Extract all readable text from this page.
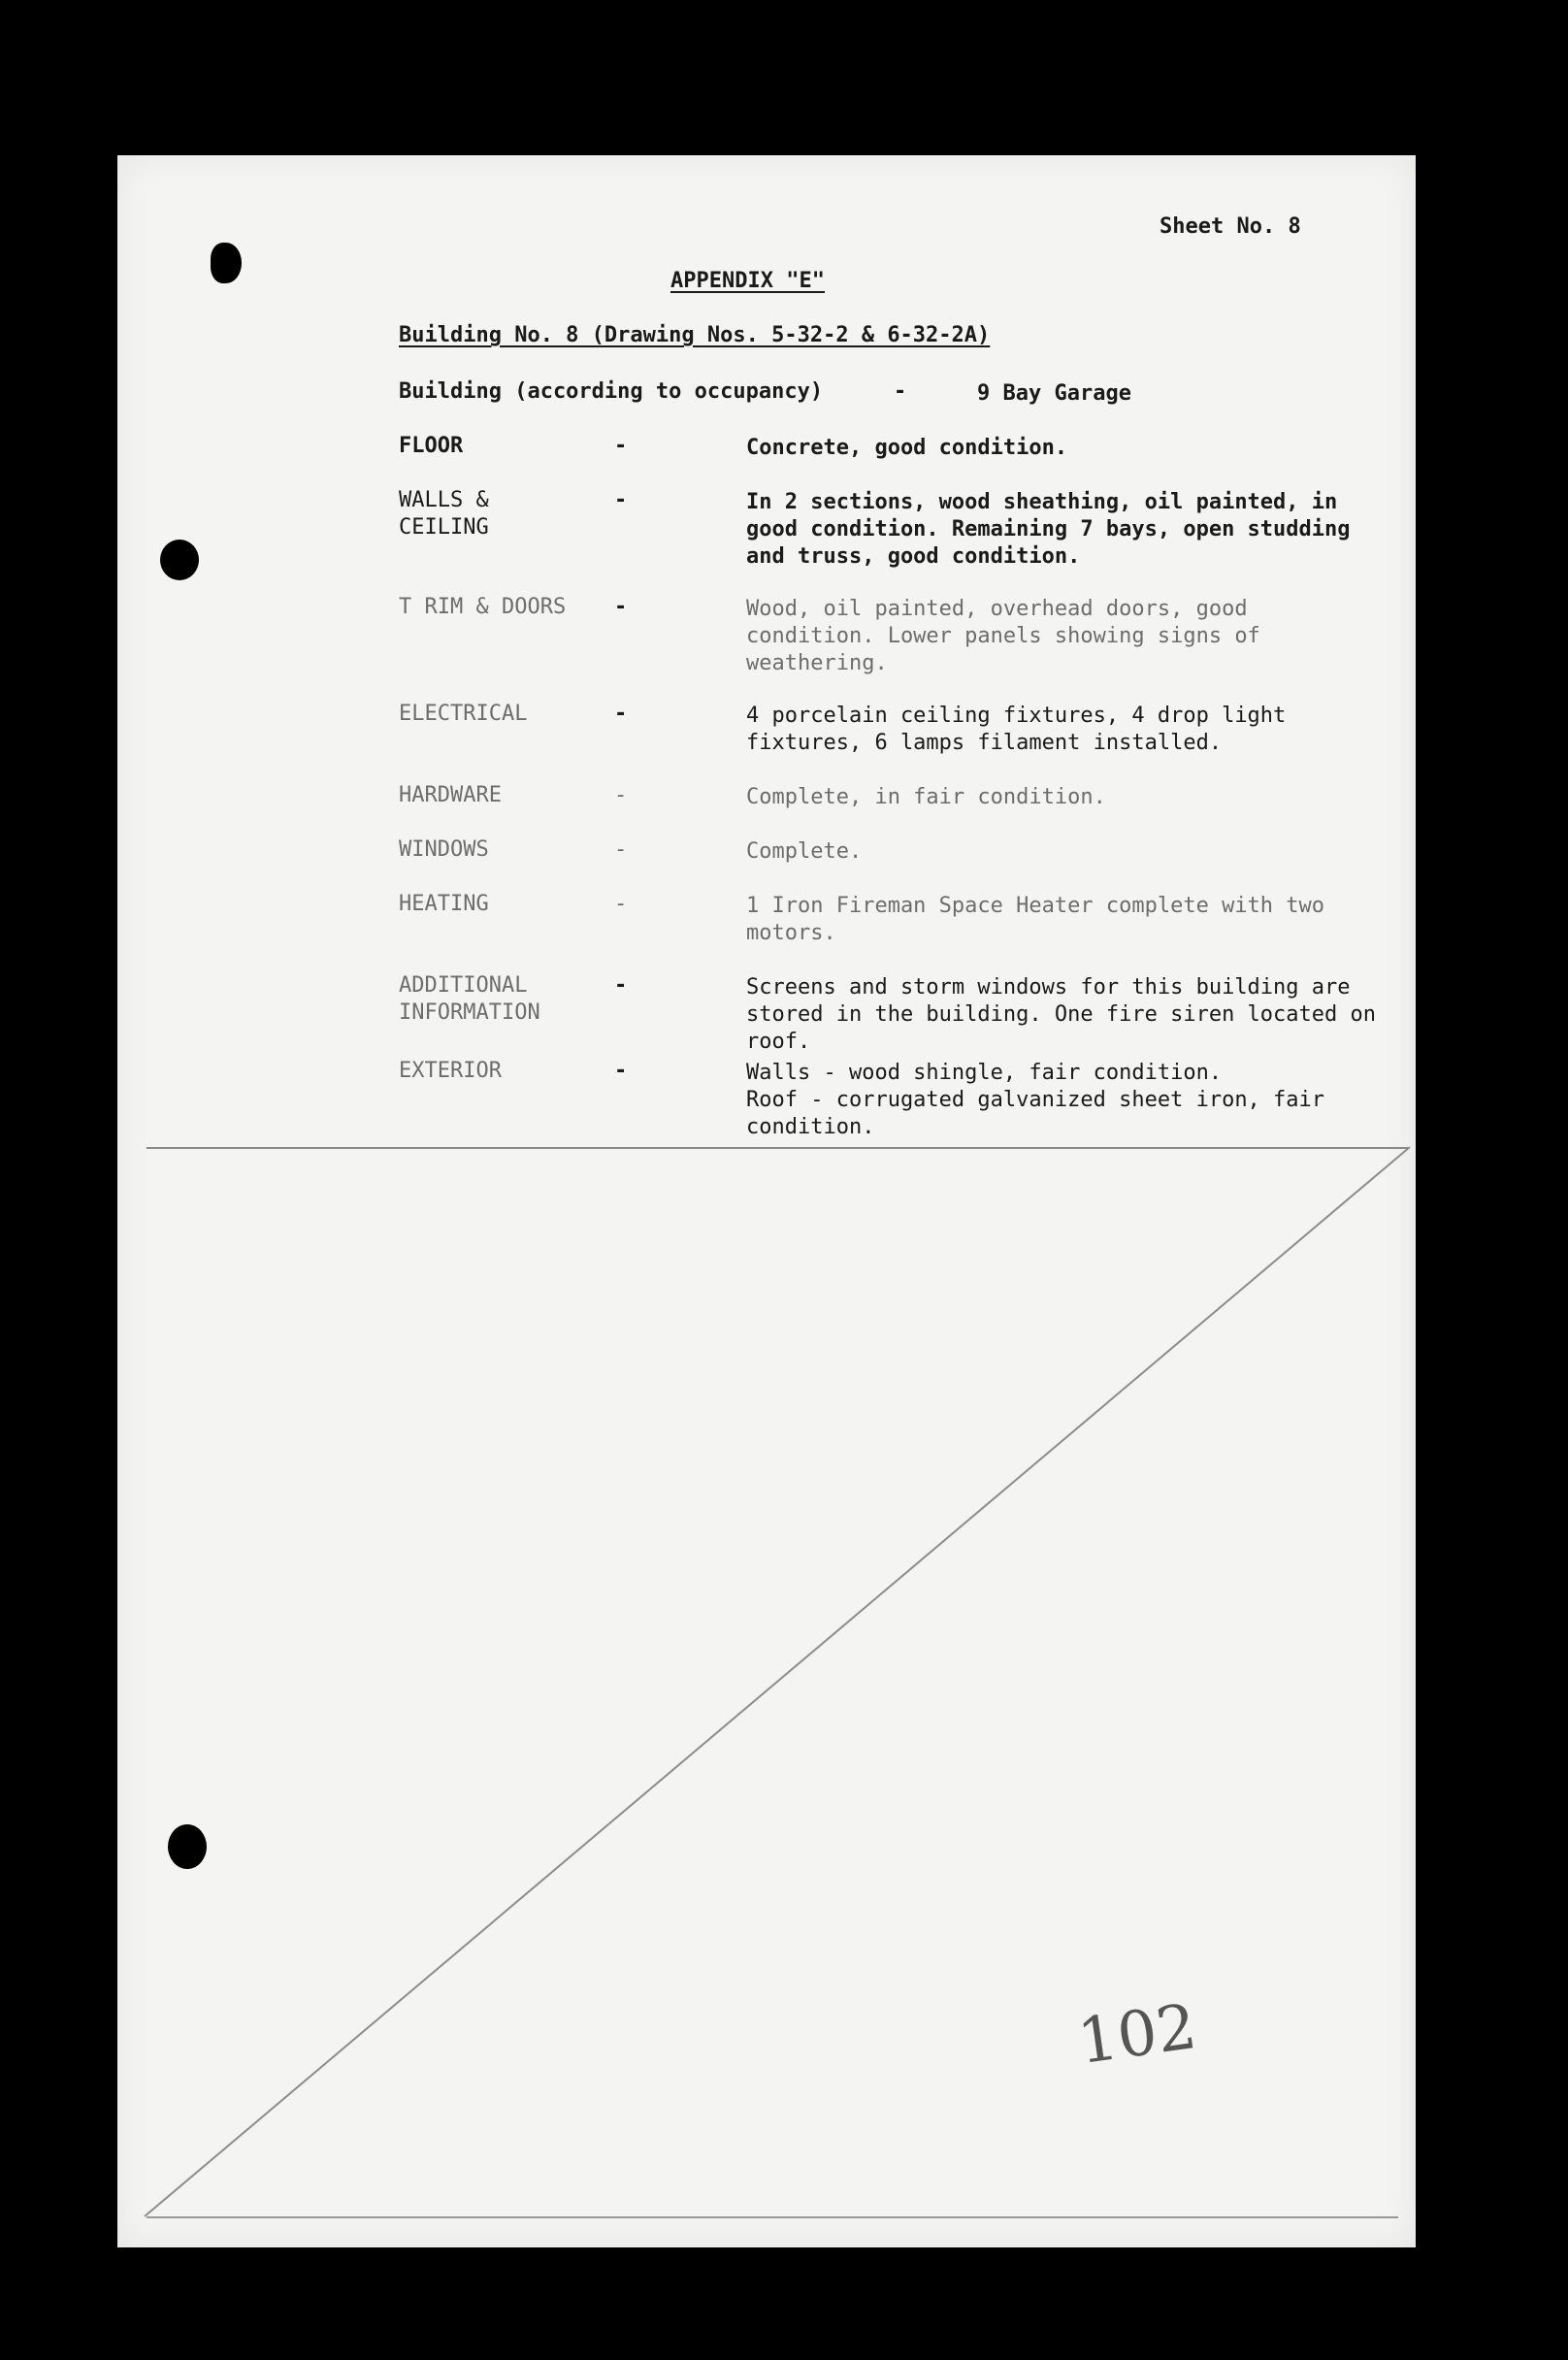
Sheet No. 8
APPENDIX "E"
Building No. 8 (Drawing Nos. 5-32-2 & 6-32-2A)
Building (according to occupancy)	-	9 Bay Garage
FLOOR	-	Concrete, good condition.
WALLS &
CEILING
-	In 2 sections, wood sheathing, oil painted, in good condition. Remaining 7 bays, open studding and truss, good condition.
T RIM & DOORS -	Wood, oil painted, overhead doors, good condition. Lower panels showing signs of weathering.
ELECTRICAL	-	4 porcelain ceiling fixtures, 4 drop light fixtures, 6 lamps filament installed.
HARDWARE	-	Complete, in fair condition.
WINDOWS	-	Complete.
HEATING	-	1 Iron Fireman Space Heater complete with two motors.
ADDITIONAL
INFORMATION
-	Screens and storm windows for this building are stored in the building. One fire siren located on roof.
EXTERIOR	-	Walls - wood shingle, fair condition.
Roof - corrugated galvanized sheet iron, fair condition.
102
